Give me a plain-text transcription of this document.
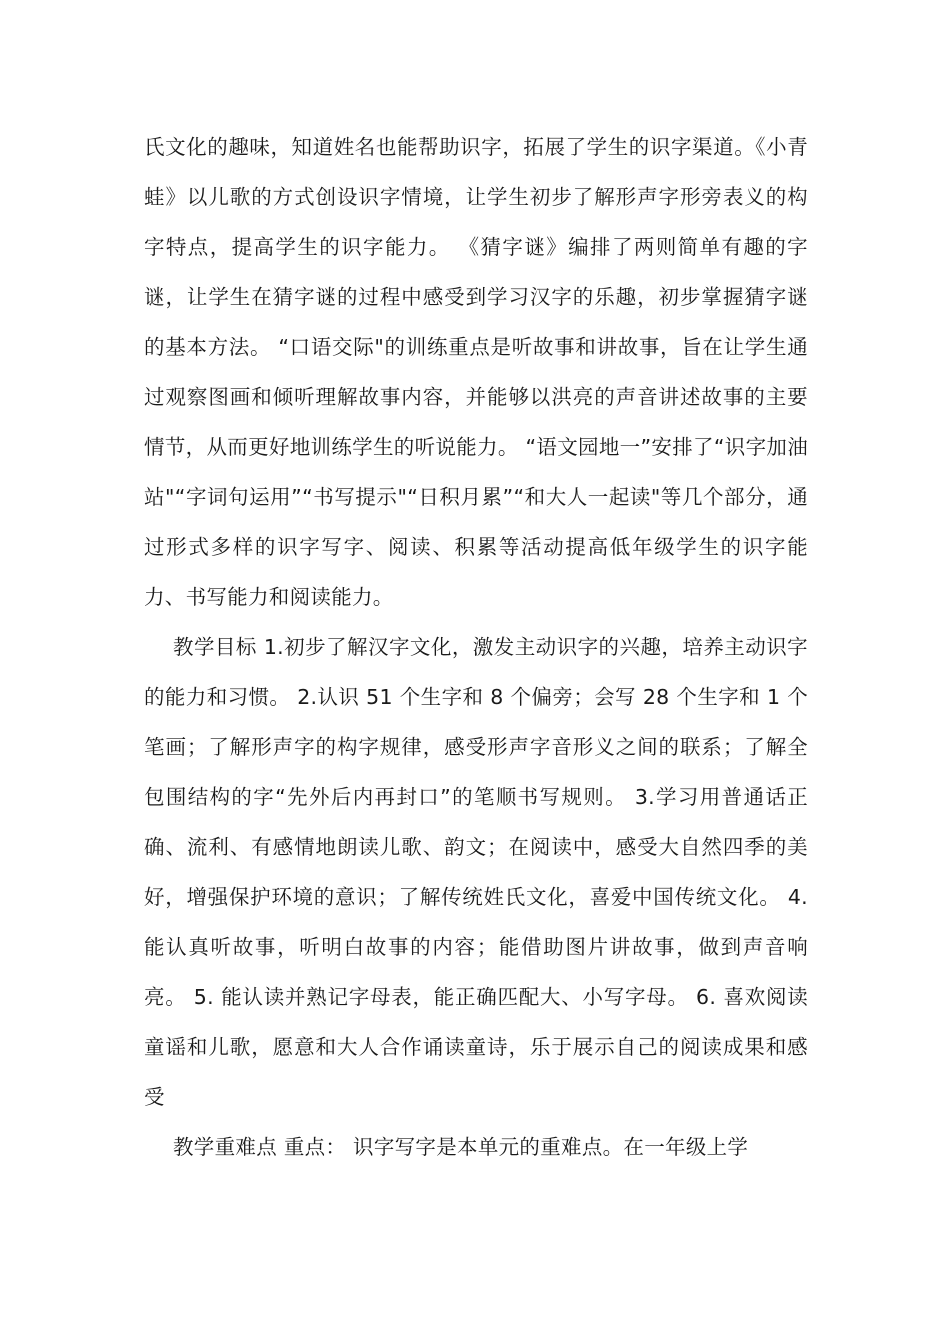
氏文化的趣味，知道姓名也能帮助识字，拓展了学生的识字渠道。《小青蛙》以儿歌的方式创设识字情境，让学生初步了解形声字形旁表义的构字特点，提高学生的识字能力。 《猜字谜》编排了两则简单有趣的字谜，让学生在猜字谜的过程中感受到学习汉字的乐趣，初步掌握猜字谜的基本方法。 “口语交际"的训练重点是听故事和讲故事，旨在让学生通过观察图画和倾听理解故事内容，并能够以洪亮的声音讲述故事的主要情节，从而更好地训练学生的听说能力。 “语文园地一”安排了“识字加油站"“字词句运用”“书写提示"“日积月累”“和大人一起读"等几个部分，通过形式多样的识字写字、阅读、积累等活动提高低年级学生的识字能力、书写能力和阅读能力。

教学目标 1.初步了解汉字文化，激发主动识字的兴趣，培养主动识字的能力和习惯。 2.认识 51 个生字和 8 个偏旁；会写 28 个生字和 1 个笔画；了解形声字的构字规律，感受形声字音形义之间的联系；了解全包围结构的字“先外后内再封口”的笔顺书写规则。 3.学习用普通话正确、流利、有感情地朗读儿歌、韵文；在阅读中，感受大自然四季的美好，增强保护环境的意识；了解传统姓氏文化，喜爱中国传统文化。 4.能认真听故事，听明白故事的内容；能借助图片讲故事，做到声音响亮。 5. 能认读并熟记字母表，能正确匹配大、小写字母。 6. 喜欢阅读童谣和儿歌，愿意和大人合作诵读童诗，乐于展示自己的阅读成果和感受

教学重难点 重点： 识字写字是本单元的重难点。在一年级上学
